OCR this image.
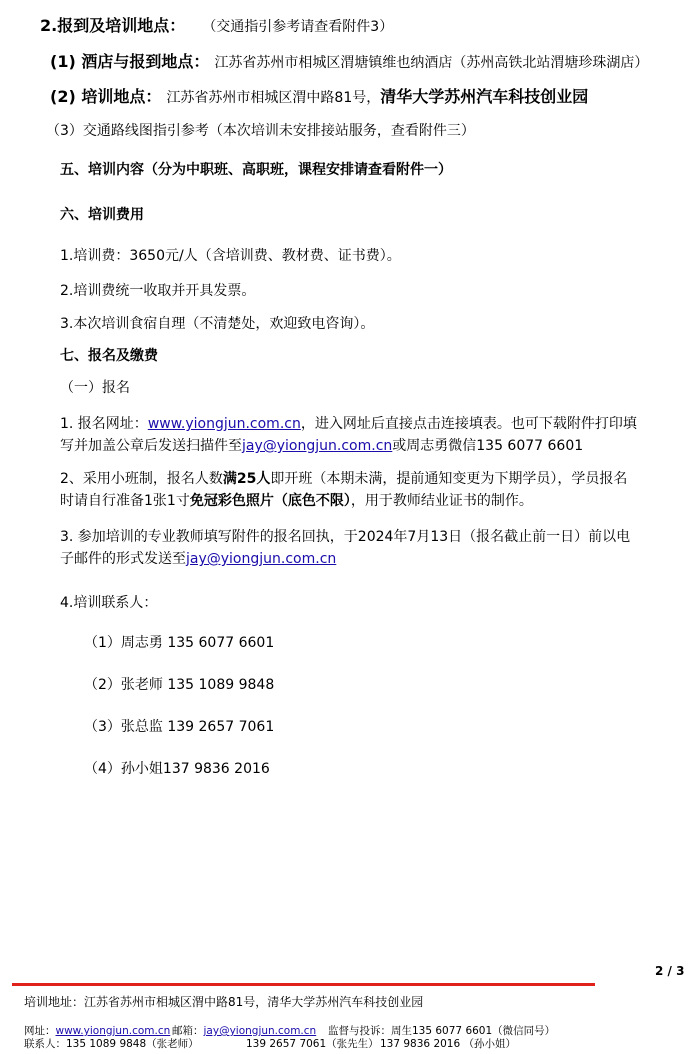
2.报到及培训地点： （交通指引参考请查看附件3）
(1) 酒店与报到地点： 江苏省苏州市相城区渭塘镇维也纳酒店（苏州高铁北站渭塘珍珠湖店）
(2) 培训地点： 江苏省苏州市相城区渭中路81号，清华大学苏州汽车科技创业园
（3）交通路线图指引参考（本次培训未安排接站服务，查看附件三）
五、培训内容（分为中职班、高职班，课程安排请查看附件一）
六、培训费用
1.培训费：3650元/人（含培训费、教材费、证书费）。
2.培训费统一收取并开具发票。
3.本次培训食宿自理（不清楚处，欢迎致电咨询）。
七、报名及缴费
（一）报名
1. 报名网址：www.yiongjun.com.cn，进入网址后直接点击连接填表。也可下载附件打印填
写并加盖公章后发送扫描件至jay@yiongjun.com.cn或周志勇微信135 6077 6601
2、采用小班制，报名人数满25人即开班（本期未满，提前通知变更为下期学员），学员报名
时请自行准备1张1寸免冠彩色照片（底色不限），用于教师结业证书的制作。
3. 参加培训的专业教师填写附件的报名回执，于2024年7月13日（报名截止前一日）前以电
子邮件的形式发送至jay@yiongjun.com.cn
4.培训联系人：
（1）周志勇 135 6077 6601
（2）张老师 135 1089 9848
（3）张总监 139 2657 7061
（4）孙小姐137 9836 2016
2 / 3
培训地址：江苏省苏州市相城区渭中路81号，清华大学苏州汽车科技创业园
网址：www.yiongjun.com.cn 邮箱：jay@yiongjun.com.cn 监督与投诉：周生135 6077 6601（微信同号）
联系人：135 1089 9848（张老师）	139 2657 7061（张先生） 137 9836 2016 （孙小姐）
